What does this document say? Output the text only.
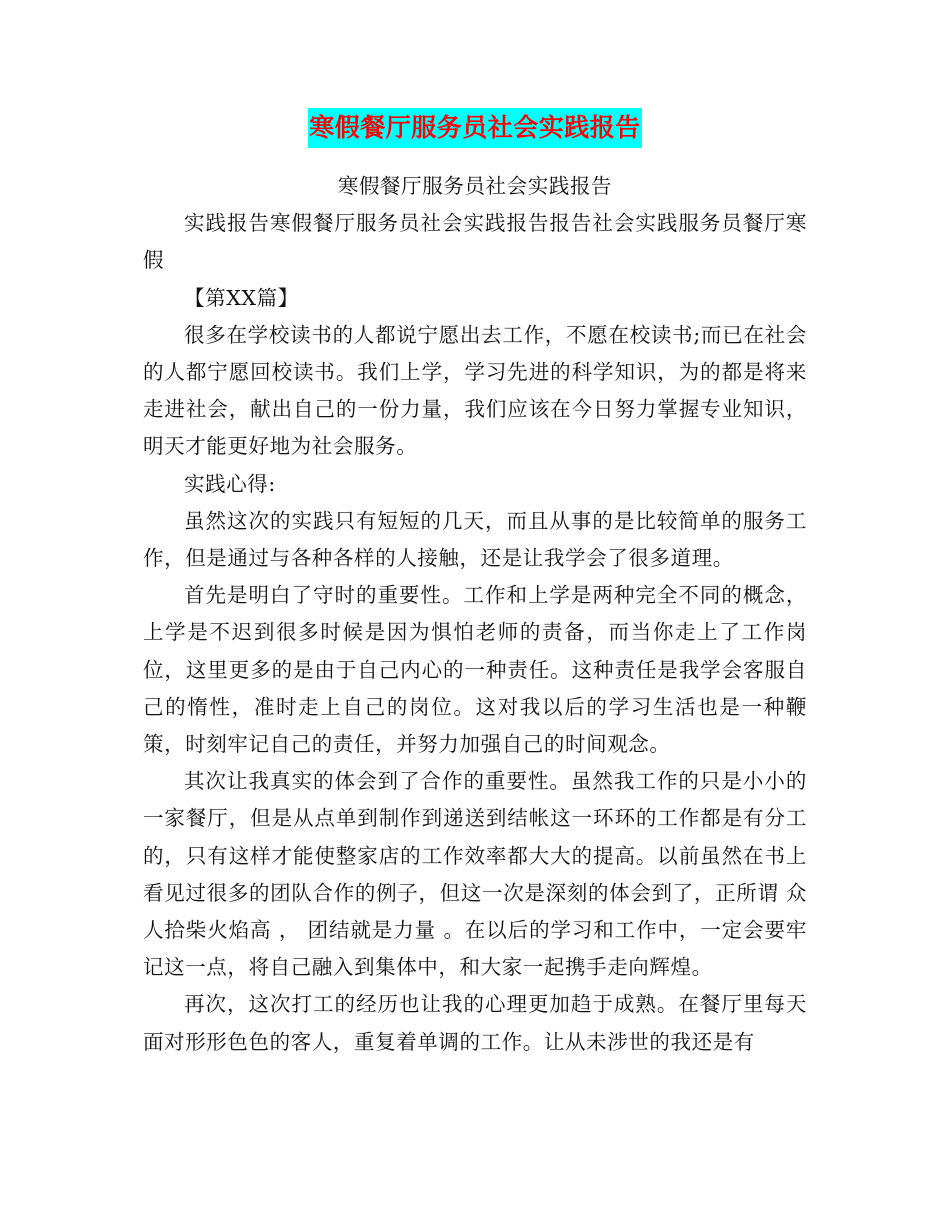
寒假餐厅服务员社会实践报告

寒假餐厅服务员社会实践报告

实践报告寒假餐厅服务员社会实践报告报告社会实践服务员餐厅寒假

【第XX篇】

很多在学校读书的人都说宁愿出去工作，不愿在校读书;而已在社会的人都宁愿回校读书。我们上学，学习先进的科学知识，为的都是将来走进社会，献出自己的一份力量，我们应该在今日努力掌握专业知识，明天才能更好地为社会服务。

实践心得:

虽然这次的实践只有短短的几天，而且从事的是比较简单的服务工作，但是通过与各种各样的人接触，还是让我学会了很多道理。

首先是明白了守时的重要性。工作和上学是两种完全不同的概念，上学是不迟到很多时候是因为惧怕老师的责备，而当你走上了工作岗位，这里更多的是由于自己内心的一种责任。这种责任是我学会客服自己的惰性，准时走上自己的岗位。这对我以后的学习生活也是一种鞭策，时刻牢记自己的责任，并努力加强自己的时间观念。

其次让我真实的体会到了合作的重要性。虽然我工作的只是小小的一家餐厅，但是从点单到制作到递送到结帐这一环环的工作都是有分工的，只有这样才能使整家店的工作效率都大大的提高。以前虽然在书上看见过很多的团队合作的例子，但这一次是深刻的体会到了，正所谓 众人拾柴火焰高 ， 团结就是力量 。在以后的学习和工作中，一定会要牢记这一点，将自己融入到集体中，和大家一起携手走向辉煌。

再次，这次打工的经历也让我的心理更加趋于成熟。在餐厅里每天面对形形色色的客人，重复着单调的工作。让从未涉世的我还是有
